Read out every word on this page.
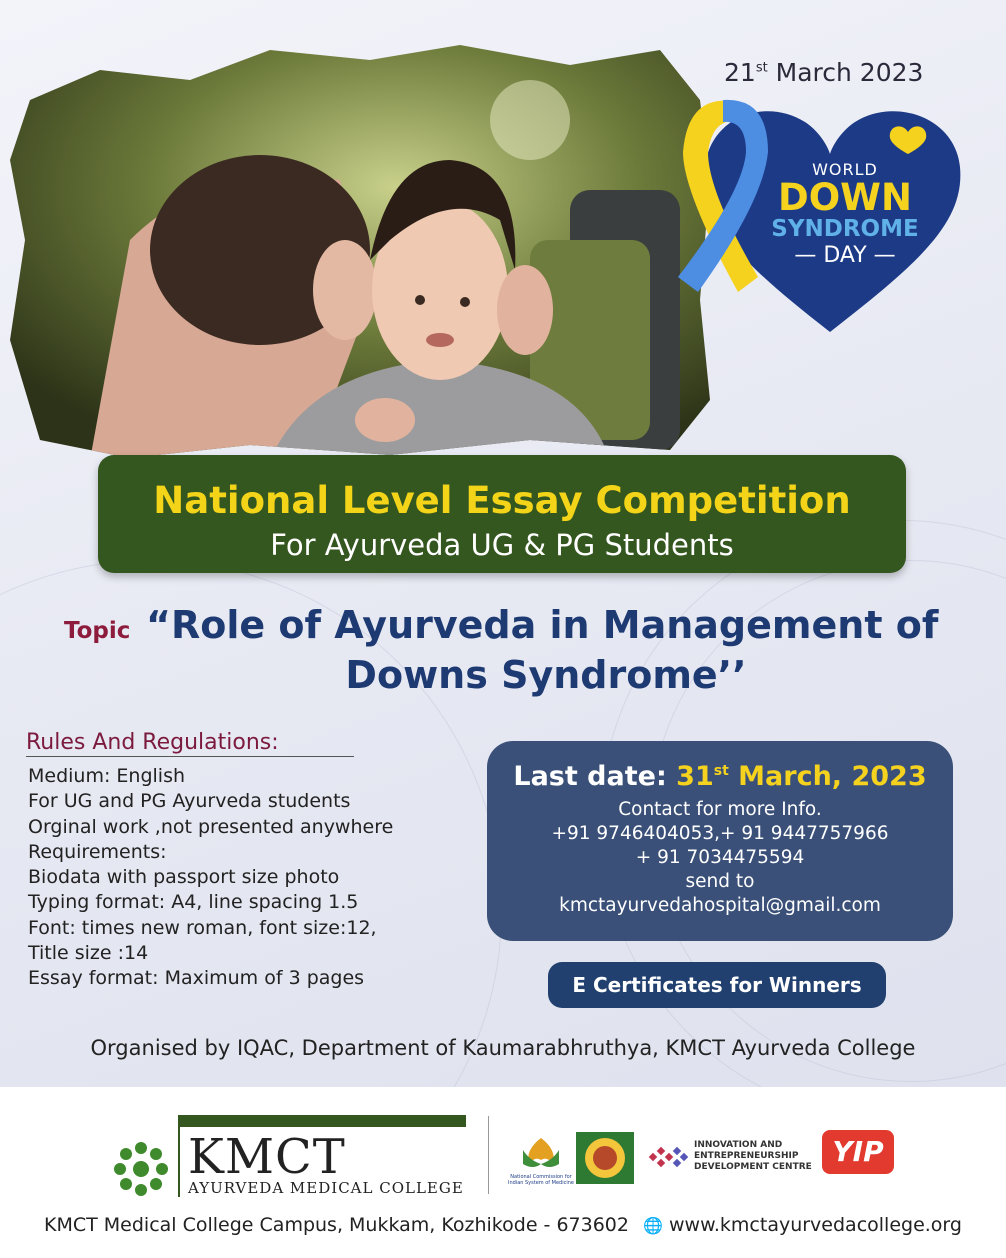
21st March 2023
WORLD
DOWN
SYNDROME
— DAY —
National Level Essay Competition
For Ayurveda UG & PG Students
Topic “Role of Ayurveda in Management of
Downs Syndrome’’
Rules And Regulations:
Medium: English
For UG and PG Ayurveda students
Orginal work ,not presented anywhere
Requirements:
Biodata with passport size photo
Typing format: A4, line spacing 1.5
Font: times new roman, font size:12,
Title size :14
Essay format: Maximum of 3 pages
Last date: 31st March, 2023
Contact for more Info.
+91 9746404053,+ 91 9447757966
+ 91 7034475594
send to
kmctayurvedahospital@gmail.com
E Certificates for Winners
Organised by IQAC, Department of Kaumarabhruthya, KMCT Ayurveda College
KMCT
AYURVEDA MEDICAL COLLEGE
National Commission for Indian System of Medicine
INNOVATION AND
ENTREPRENEURSHIP
DEVELOPMENT CENTRE YIP
KMCT Medical College Campus, Mukkam, Kozhikode - 673602 🌐 www.kmctayurvedacollege.org
